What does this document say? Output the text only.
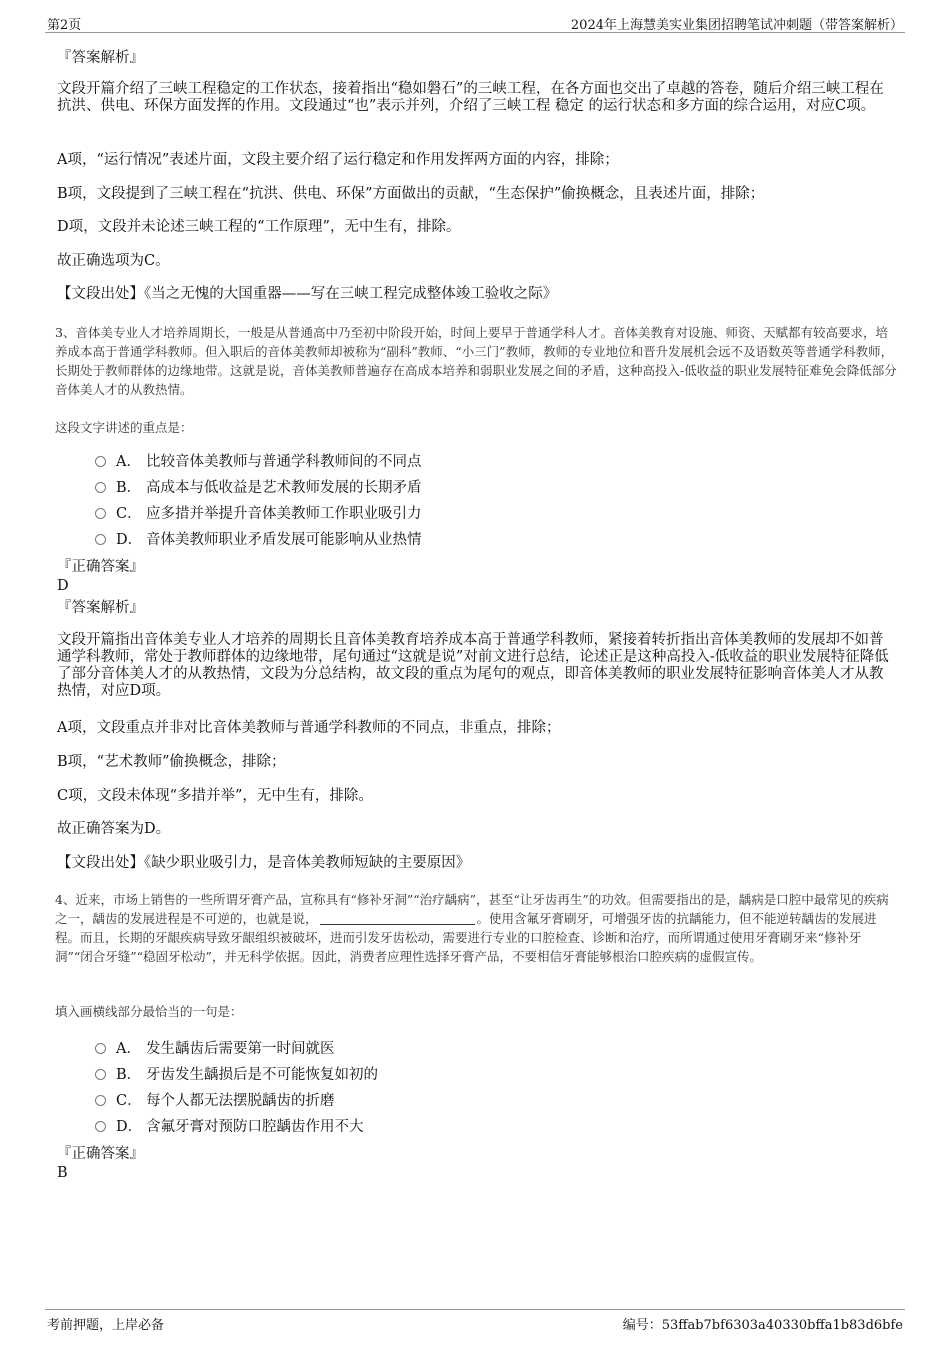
第2页	2024年上海慧美实业集团招聘笔试冲刺题（带答案解析）
『答案解析』
文段开篇介绍了三峡工程稳定的工作状态，接着指出“稳如磐石”的三峡工程，在各方面也交出了卓越的答卷，随后介绍三峡工程在抗洪、供电、环保方面发挥的作用。文段通过“也”表示并列，介绍了三峡工程 稳定 的运行状态和多方面的综合运用，对应C项。
A项，“运行情况”表述片面，文段主要介绍了运行稳定和作用发挥两方面的内容，排除；
B项，文段提到了三峡工程在“抗洪、供电、环保”方面做出的贡献，“生态保护”偷换概念，且表述片面，排除；
D项，文段并未论述三峡工程的“工作原理”，无中生有，排除。
故正确选项为C。
【文段出处】《当之无愧的大国重器——写在三峡工程完成整体竣工验收之际》
3、音体美专业人才培养周期长，一般是从普通高中乃至初中阶段开始，时间上要早于普通学科人才。音体美教育对设施、师资、天赋都有较高要求，培养成本高于普通学科教师。但入职后的音体美教师却被称为“副科”教师、“小三门”教师，教师的专业地位和晋升发展机会远不及语数英等普通学科教师，长期处于教师群体的边缘地带。这就是说，音体美教师普遍存在高成本培养和弱职业发展之间的矛盾，这种高投入-低收益的职业发展特征难免会降低部分音体美人才的从教热情。
这段文字讲述的重点是：
A． 比较音体美教师与普通学科教师间的不同点
B． 高成本与低收益是艺术教师发展的长期矛盾
C． 应多措并举提升音体美教师工作职业吸引力
D． 音体美教师职业矛盾发展可能影响从业热情
『正确答案』
D
『答案解析』
文段开篇指出音体美专业人才培养的周期长且音体美教育培养成本高于普通学科教师，紧接着转折指出音体美教师的发展却不如普通学科教师，常处于教师群体的边缘地带，尾句通过“这就是说”对前文进行总结，论述正是这种高投入-低收益的职业发展特征降低了部分音体美人才的从教热情，文段为分总结构，故文段的重点为尾句的观点，即音体美教师的职业发展特征影响音体美人才从教热情，对应D项。
A项，文段重点并非对比音体美教师与普通学科教师的不同点，非重点，排除；
B项，“艺术教师”偷换概念，排除；
C项，文段未体现“多措并举”，无中生有，排除。
故正确答案为D。
【文段出处】《缺少职业吸引力，是音体美教师短缺的主要原因》
4、近来，市场上销售的一些所谓牙膏产品，宣称具有“修补牙洞”“治疗龋病”，甚至“让牙齿再生”的功效。但需要指出的是，龋病是口腔中最常见的疾病之一，龋齿的发展进程是不可逆的，也就是说，	。使用含氟牙膏刷牙，可增强牙齿的抗龋能力，但不能逆转龋齿的发展进程。而且，长期的牙龈疾病导致牙龈组织被破坏，进而引发牙齿松动，需要进行专业的口腔检查、诊断和治疗，而所谓通过使用牙膏刷牙来“修补牙洞”“闭合牙缝”“稳固牙松动”，并无科学依据。因此，消费者应理性选择牙膏产品，不要相信牙膏能够根治口腔疾病的虚假宣传。
填入画横线部分最恰当的一句是：
A． 发生龋齿后需要第一时间就医
B． 牙齿发生龋损后是不可能恢复如初的
C． 每个人都无法摆脱龋齿的折磨
D． 含氟牙膏对预防口腔龋齿作用不大
『正确答案』
B
考前押题，上岸必备	编号：53ffab7bf6303a40330bffa1b83d6bfe
